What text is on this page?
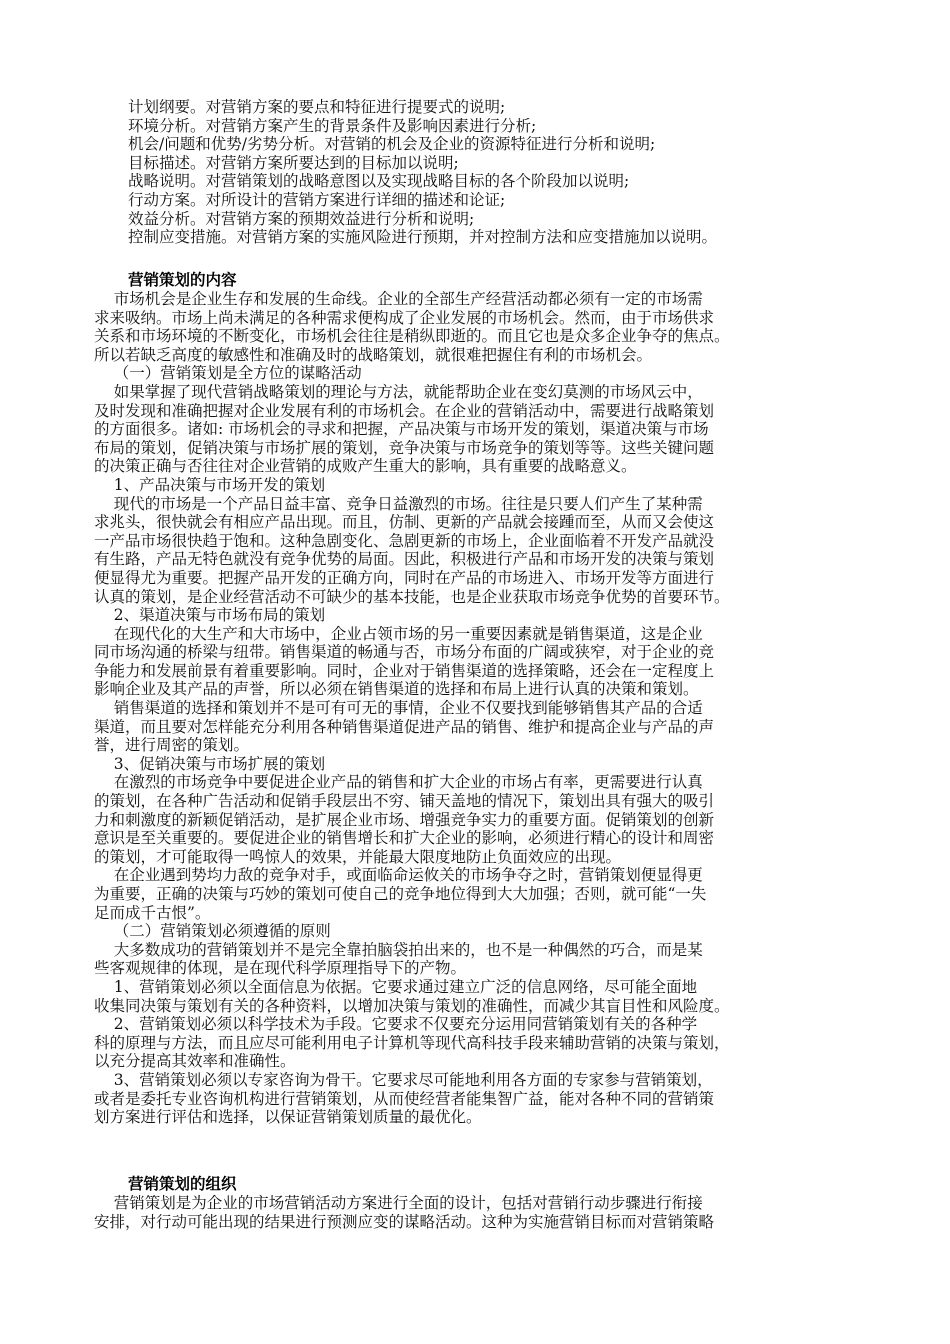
计划纲要。对营销方案的要点和特征进行提要式的说明;
环境分析。对营销方案产生的背景条件及影响因素进行分析;
机会/问题和优势/劣势分析。对营销的机会及企业的资源特征进行分析和说明;
目标描述。对营销方案所要达到的目标加以说明;
战略说明。对营销策划的战略意图以及实现战略目标的各个阶段加以说明;
行动方案。对所设计的营销方案进行详细的描述和论证;
效益分析。对营销方案的预期效益进行分析和说明;
控制应变措施。对营销方案的实施风险进行预期，并对控制方法和应变措施加以说明。
营销策划的内容
市场机会是企业生存和发展的生命线。企业的全部生产经营活动都必须有一定的市场需
求来吸纳。市场上尚未满足的各种需求便构成了企业发展的市场机会。然而，由于市场供求
关系和市场环境的不断变化，市场机会往往是稍纵即逝的。而且它也是众多企业争夺的焦点。
所以若缺乏高度的敏感性和准确及时的战略策划，就很难把握住有利的市场机会。
（一）营销策划是全方位的谋略活动
如果掌握了现代营销战略策划的理论与方法，就能帮助企业在变幻莫测的市场风云中，
及时发现和准确把握对企业发展有利的市场机会。在企业的营销活动中，需要进行战略策划
的方面很多。诸如: 市场机会的寻求和把握，产品决策与市场开发的策划，渠道决策与市场
布局的策划，促销决策与市场扩展的策划，竞争决策与市场竞争的策划等等。这些关键问题
的决策正确与否往往对企业营销的成败产生重大的影响，具有重要的战略意义。
1、产品决策与市场开发的策划
现代的市场是一个产品日益丰富、竞争日益激烈的市场。往往是只要人们产生了某种需
求兆头，很快就会有相应产品出现。而且，仿制、更新的产品就会接踵而至，从而又会使这
一产品市场很快趋于饱和。这种急剧变化、急剧更新的市场上，企业面临着不开发产品就没
有生路，产品无特色就没有竞争优势的局面。因此，积极进行产品和市场开发的决策与策划
便显得尤为重要。把握产品开发的正确方向，同时在产品的市场进入、市场开发等方面进行
认真的策划，是企业经营活动不可缺少的基本技能，也是企业获取市场竞争优势的首要环节。
2、渠道决策与市场布局的策划
在现代化的大生产和大市场中，企业占领市场的另一重要因素就是销售渠道，这是企业
同市场沟通的桥梁与纽带。销售渠道的畅通与否，市场分布面的广阔或狭窄，对于企业的竞
争能力和发展前景有着重要影响。同时，企业对于销售渠道的选择策略，还会在一定程度上
影响企业及其产品的声誉，所以必须在销售渠道的选择和布局上进行认真的决策和策划。
销售渠道的选择和策划并不是可有可无的事情，企业不仅要找到能够销售其产品的合适
渠道，而且要对怎样能充分利用各种销售渠道促进产品的销售、维护和提高企业与产品的声
誉，进行周密的策划。
3、促销决策与市场扩展的策划
在激烈的市场竞争中要促进企业产品的销售和扩大企业的市场占有率，更需要进行认真
的策划，在各种广告活动和促销手段层出不穷、铺天盖地的情况下，策划出具有强大的吸引
力和刺激度的新颖促销活动，是扩展企业市场、增强竞争实力的重要方面。促销策划的创新
意识是至关重要的。要促进企业的销售增长和扩大企业的影响，必须进行精心的设计和周密
的策划，才可能取得一鸣惊人的效果，并能最大限度地防止负面效应的出现。
在企业遇到势均力敌的竞争对手，或面临命运攸关的市场争夺之时，营销策划便显得更
为重要，正确的决策与巧妙的策划可使自己的竞争地位得到大大加强；否则，就可能“一失
足而成千古恨”。
（二）营销策划必须遵循的原则
大多数成功的营销策划并不是完全靠拍脑袋拍出来的，也不是一种偶然的巧合，而是某
些客观规律的体现，是在现代科学原理指导下的产物。
1、营销策划必须以全面信息为依据。它要求通过建立广泛的信息网络，尽可能全面地
收集同决策与策划有关的各种资料，以增加决策与策划的准确性，而减少其盲目性和风险度。
2、营销策划必须以科学技术为手段。它要求不仅要充分运用同营销策划有关的各种学
科的原理与方法，而且应尽可能利用电子计算机等现代高科技手段来辅助营销的决策与策划，
以充分提高其效率和准确性。
3、营销策划必须以专家咨询为骨干。它要求尽可能地利用各方面的专家参与营销策划，
或者是委托专业咨询机构进行营销策划，从而使经营者能集智广益，能对各种不同的营销策
划方案进行评估和选择，以保证营销策划质量的最优化。
营销策划的组织
营销策划是为企业的市场营销活动方案进行全面的设计，包括对营销行动步骤进行衔接
安排，对行动可能出现的结果进行预测应变的谋略活动。这种为实施营销目标而对营销策略
